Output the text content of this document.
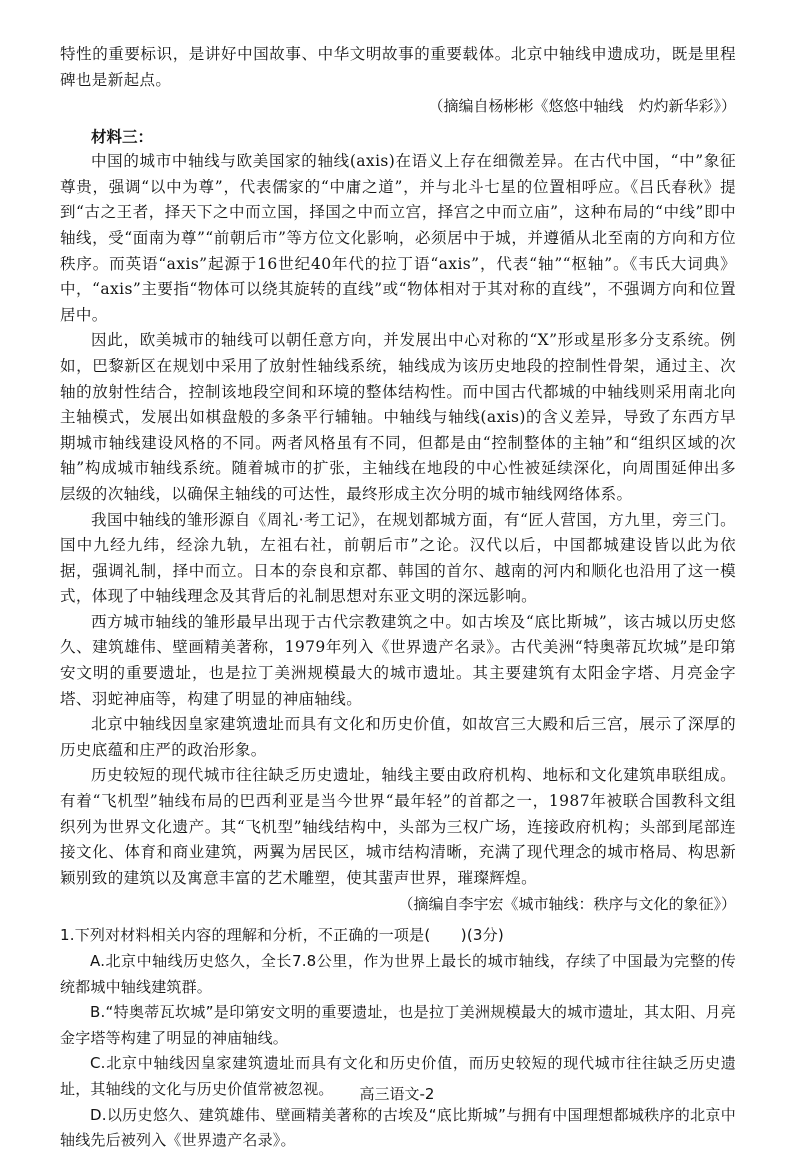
特性的重要标识，是讲好中国故事、中华文明故事的重要载体。北京中轴线申遗成功，既是里程碑也是新起点。

（摘编自杨彬彬《悠悠中轴线　灼灼新华彩》）

材料三：

中国的城市中轴线与欧美国家的轴线(axis)在语义上存在细微差异。在古代中国，“中”象征尊贵，强调“以中为尊”，代表儒家的“中庸之道”，并与北斗七星的位置相呼应。《吕氏春秋》提到“古之王者，择天下之中而立国，择国之中而立宫，择宫之中而立庙”，这种布局的“中线”即中轴线，受“面南为尊”“前朝后市”等方位文化影响，必须居中于城，并遵循从北至南的方向和方位秩序。而英语“axis”起源于16世纪40年代的拉丁语“axis”，代表“轴”“枢轴”。《韦氏大词典》中，“axis”主要指“物体可以绕其旋转的直线”或“物体相对于其对称的直线”，不强调方向和位置居中。

因此，欧美城市的轴线可以朝任意方向，并发展出中心对称的“X”形或星形多分支系统。例如，巴黎新区在规划中采用了放射性轴线系统，轴线成为该历史地段的控制性骨架，通过主、次轴的放射性结合，控制该地段空间和环境的整体结构性。而中国古代都城的中轴线则采用南北向主轴模式，发展出如棋盘般的多条平行辅轴。中轴线与轴线(axis)的含义差异，导致了东西方早期城市轴线建设风格的不同。两者风格虽有不同，但都是由“控制整体的主轴”和“组织区域的次轴”构成城市轴线系统。随着城市的扩张，主轴线在地段的中心性被延续深化，向周围延伸出多层级的次轴线，以确保主轴线的可达性，最终形成主次分明的城市轴线网络体系。

我国中轴线的雏形源自《周礼·考工记》，在规划都城方面，有“匠人营国，方九里，旁三门。国中九经九纬，经涂九轨，左祖右社，前朝后市”之论。汉代以后，中国都城建设皆以此为依据，强调礼制，择中而立。日本的奈良和京都、韩国的首尔、越南的河内和顺化也沿用了这一模式，体现了中轴线理念及其背后的礼制思想对东亚文明的深远影响。

西方城市轴线的雏形最早出现于古代宗教建筑之中。如古埃及“底比斯城”，该古城以历史悠久、建筑雄伟、壁画精美著称，1979年列入《世界遗产名录》。古代美洲“特奥蒂瓦坎城”是印第安文明的重要遗址，也是拉丁美洲规模最大的城市遗址。其主要建筑有太阳金字塔、月亮金字塔、羽蛇神庙等，构建了明显的神庙轴线。

北京中轴线因皇家建筑遗址而具有文化和历史价值，如故宫三大殿和后三宫，展示了深厚的历史底蕴和庄严的政治形象。

历史较短的现代城市往往缺乏历史遗址，轴线主要由政府机构、地标和文化建筑串联组成。有着“飞机型”轴线布局的巴西利亚是当今世界“最年轻”的首都之一，1987年被联合国教科文组织列为世界文化遗产。其“飞机型”轴线结构中，头部为三权广场，连接政府机构；头部到尾部连接文化、体育和商业建筑，两翼为居民区，城市结构清晰，充满了现代理念的城市格局、构思新颖别致的建筑以及寓意丰富的艺术雕塑，使其蜚声世界，璀璨辉煌。

（摘编自李宇宏《城市轴线：秩序与文化的象征》）

1.下列对材料相关内容的理解和分析，不正确的一项是(　　)(3分)

A.北京中轴线历史悠久，全长7.8公里，作为世界上最长的城市轴线，存续了中国最为完整的传统都城中轴线建筑群。

B.“特奥蒂瓦坎城”是印第安文明的重要遗址，也是拉丁美洲规模最大的城市遗址，其太阳、月亮金字塔等构建了明显的神庙轴线。

C.北京中轴线因皇家建筑遗址而具有文化和历史价值，而历史较短的现代城市往往缺乏历史遗址，其轴线的文化与历史价值常被忽视。

D.以历史悠久、建筑雄伟、壁画精美著称的古埃及“底比斯城”与拥有中国理想都城秩序的北京中轴线先后被列入《世界遗产名录》。

高三语文-2
